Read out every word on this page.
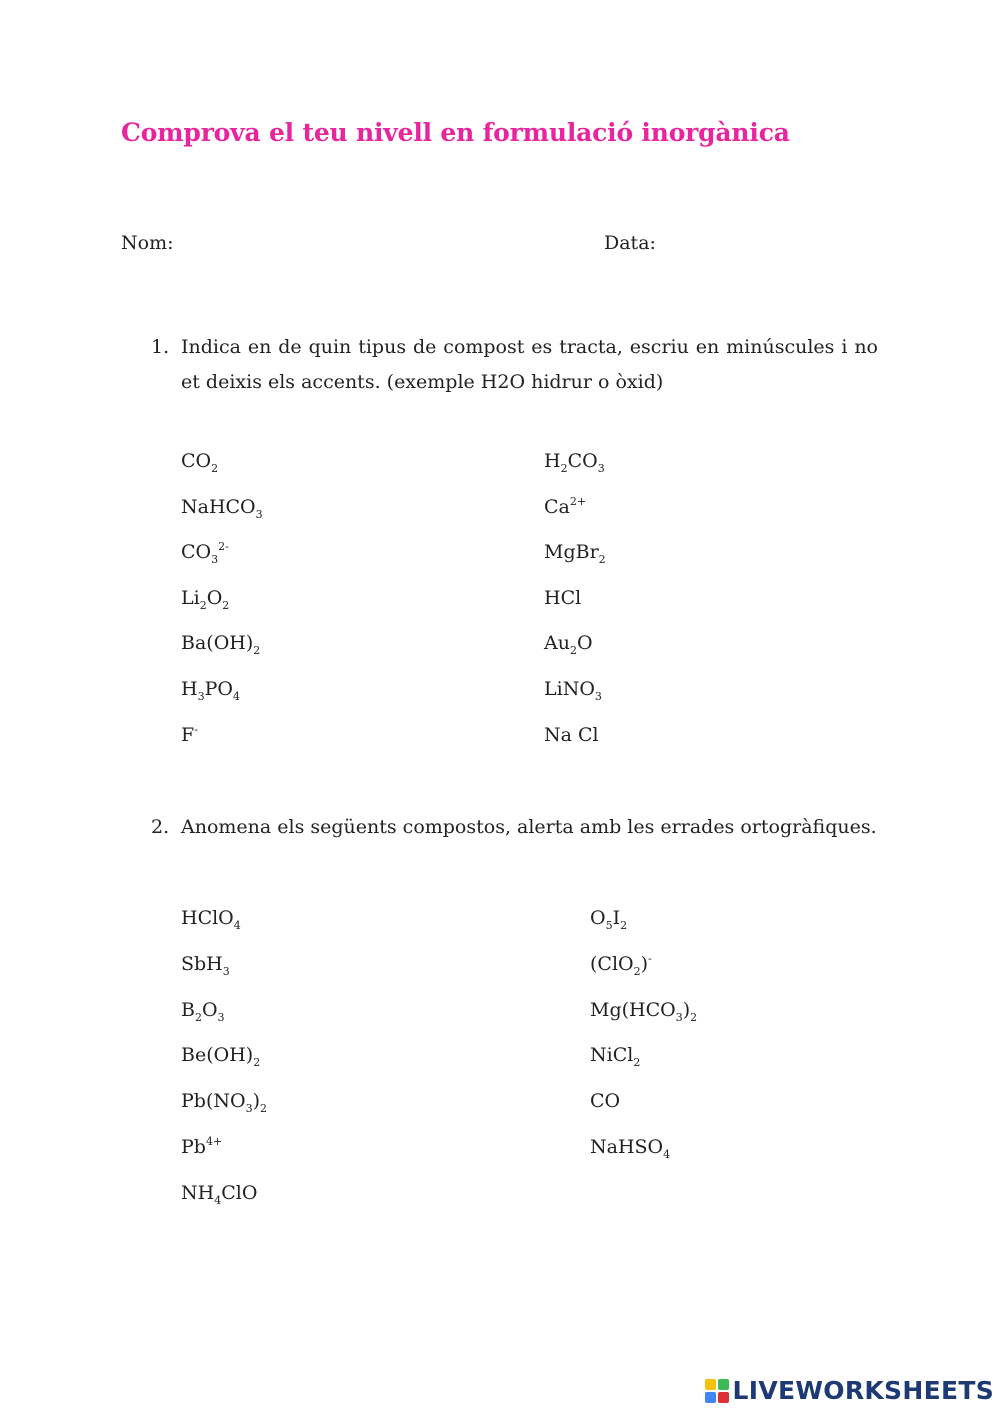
Comprova el teu nivell en formulació inorgànica
Nom:	Data:
1. Indica en de quin tipus de compost es tracta, escriu en minúscules i no et deixis els accents. (exemple H2O hidrur o òxid)
2. Anomena els següents compostos, alerta amb les errades ortogràfiques.
$CO_2$
NaHCO$_3$
$CO_3^{2-}$
$Li_2O_2$
$Ba(OH)_2$
$H_3PO_4$
F-
$H_2CO_3$
$Ca^{2+}$
MgBr$_2$
HCl
$Au_2O$
LiNO$_3$
Na Cl
HClO$_4$
SbH$_3$
$B_2O_3$
$Be(OH)_2$
$Pb(NO_3)_2$
$Pb^{4+}$
$NH_4ClO$
$O_5I_2$
(ClO$_2$)-
$Mg(HCO_3)_2$
NiCl$_2$
CO
NaHSO$_4$
LIVEWORKSHEETS
